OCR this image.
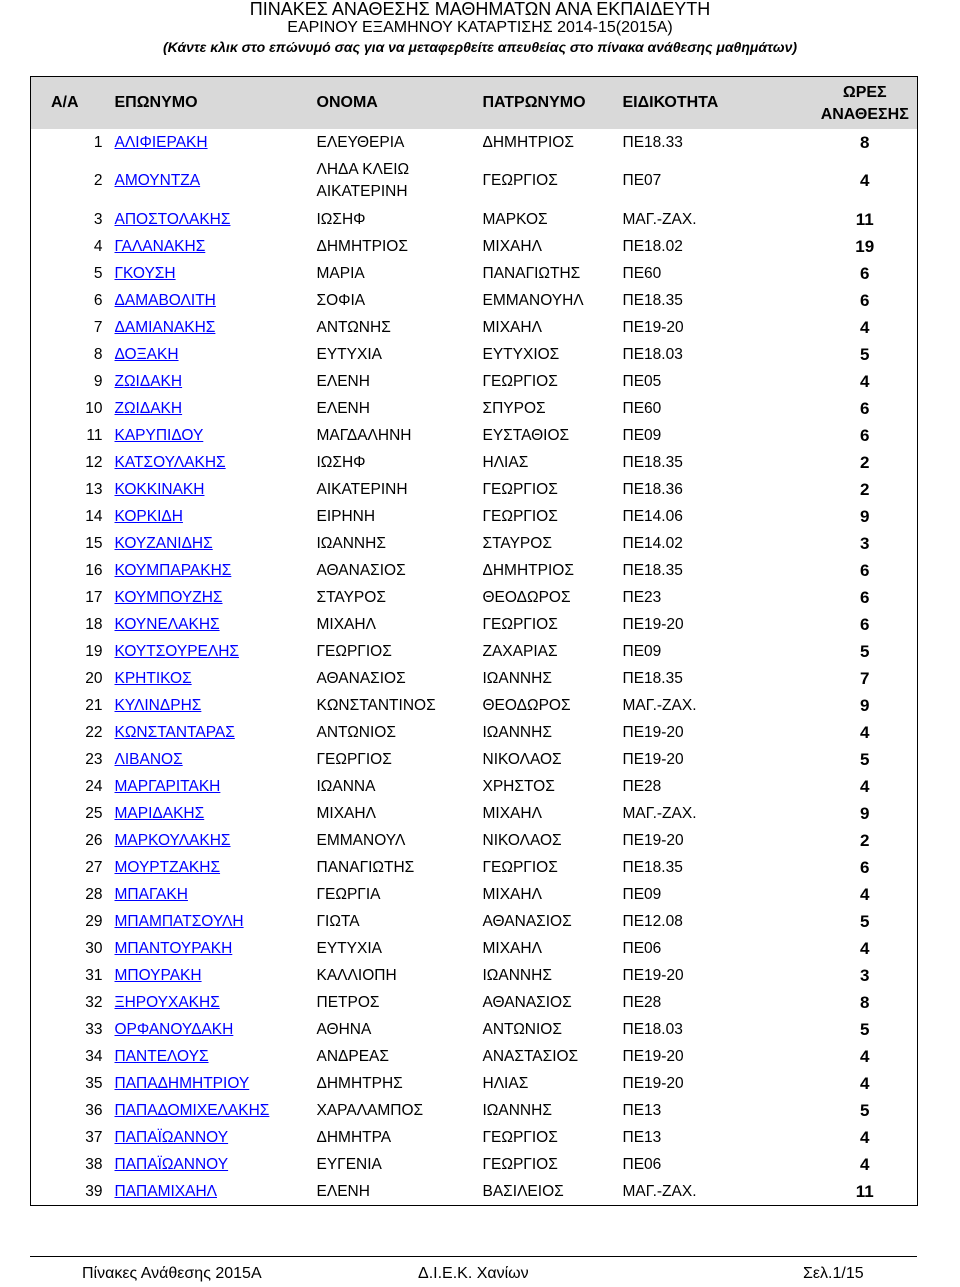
ΠΙΝΑΚΕΣ ΑΝΑΘΕΣΗΣ ΜΑΘΗΜΑΤΩΝ ΑΝΑ ΕΚΠΑΙΔΕΥΤΗ
ΕΑΡΙΝΟΥ ΕΞΑΜΗΝΟΥ ΚΑΤΑΡΤΙΣΗΣ 2014-15(2015Α)
(Κάντε κλικ στο επώνυμό σας για να μεταφερθείτε απευθείας στο πίνακα ανάθεσης μαθημάτων)
Α/Α	ΕΠΩΝΥΜΟ	ΟΝΟΜΑ	ΠΑΤΡΩΝΥΜΟ	ΕΙΔΙΚΟΤΗΤΑ	ΩΡΕΣ ΑΝΑΘΕΣΗΣ
1	ΑΛΙΦΙΕΡΑΚΗ	ΕΛΕΥΘΕΡΙΑ	ΔΗΜΗΤΡΙΟΣ	ΠΕ18.33	8
2	ΑΜΟΥΝΤΖΑ	ΛΗΔΑ ΚΛΕΙΩ ΑΙΚΑΤΕΡΙΝΗ	ΓΕΩΡΓΙΟΣ	ΠΕ07	4
3	ΑΠΟΣΤΟΛΑΚΗΣ	ΙΩΣΗΦ	ΜΑΡΚΟΣ	ΜΑΓ.-ΖΑΧ.	11
4	ΓΑΛΑΝΑΚΗΣ	ΔΗΜΗΤΡΙΟΣ	ΜΙΧΑΗΛ	ΠΕ18.02	19
5	ΓΚΟΥΣΗ	ΜΑΡΙΑ	ΠΑΝΑΓΙΩΤΗΣ	ΠΕ60	6
6	ΔΑΜΑΒΟΛΙΤΗ	ΣΟΦΙΑ	ΕΜΜΑΝΟΥΗΛ	ΠΕ18.35	6
7	ΔΑΜΙΑΝΑΚΗΣ	ΑΝΤΩΝΗΣ	ΜΙΧΑΗΛ	ΠΕ19-20	4
8	ΔΟΞΑΚΗ	ΕΥΤΥΧΙΑ	ΕΥΤΥΧΙΟΣ	ΠΕ18.03	5
9	ΖΩΙΔΑΚΗ	ΕΛΕΝΗ	ΓΕΩΡΓΙΟΣ	ΠΕ05	4
10	ΖΩΙΔΑΚΗ	ΕΛΕΝΗ	ΣΠΥΡΟΣ	ΠΕ60	6
11	ΚΑΡΥΠΙΔΟΥ	ΜΑΓΔΑΛΗΝΗ	ΕΥΣΤΑΘΙΟΣ	ΠΕ09	6
12	ΚΑΤΣΟΥΛΑΚΗΣ	ΙΩΣΗΦ	ΗΛΙΑΣ	ΠΕ18.35	2
13	ΚΟΚΚΙΝΑΚΗ	ΑΙΚΑΤΕΡΙΝΗ	ΓΕΩΡΓΙΟΣ	ΠΕ18.36	2
14	ΚΟΡΚΙΔΗ	ΕΙΡΗΝΗ	ΓΕΩΡΓΙΟΣ	ΠΕ14.06	9
15	ΚΟΥΖΑΝΙΔΗΣ	ΙΩΑΝΝΗΣ	ΣΤΑΥΡΟΣ	ΠΕ14.02	3
16	ΚΟΥΜΠΑΡΑΚΗΣ	ΑΘΑΝΑΣΙΟΣ	ΔΗΜΗΤΡΙΟΣ	ΠΕ18.35	6
17	ΚΟΥΜΠΟΥΖΗΣ	ΣΤΑΥΡΟΣ	ΘΕΟΔΩΡΟΣ	ΠΕ23	6
18	ΚΟΥΝΕΛΑΚΗΣ	ΜΙΧΑΗΛ	ΓΕΩΡΓΙΟΣ	ΠΕ19-20	6
19	ΚΟΥΤΣΟΥΡΕΛΗΣ	ΓΕΩΡΓΙΟΣ	ΖΑΧΑΡΙΑΣ	ΠΕ09	5
20	ΚΡΗΤΙΚΟΣ	ΑΘΑΝΑΣΙΟΣ	ΙΩΑΝΝΗΣ	ΠΕ18.35	7
21	ΚΥΛΙΝΔΡΗΣ	ΚΩΝΣΤΑΝΤΙΝΟΣ	ΘΕΟΔΩΡΟΣ	ΜΑΓ.-ΖΑΧ.	9
22	ΚΩΝΣΤΑΝΤΑΡΑΣ	ΑΝΤΩΝΙΟΣ	ΙΩΑΝΝΗΣ	ΠΕ19-20	4
23	ΛΙΒΑΝΟΣ	ΓΕΩΡΓΙΟΣ	ΝΙΚΟΛΑΟΣ	ΠΕ19-20	5
24	ΜΑΡΓΑΡΙΤΑΚΗ	ΙΩΑΝΝΑ	ΧΡΗΣΤΟΣ	ΠΕ28	4
25	ΜΑΡΙΔΑΚΗΣ	ΜΙΧΑΗΛ	ΜΙΧΑΗΛ	ΜΑΓ.-ΖΑΧ.	9
26	ΜΑΡΚΟΥΛΑΚΗΣ	ΕΜΜΑΝΟΥΛ	ΝΙΚΟΛΑΟΣ	ΠΕ19-20	2
27	ΜΟΥΡΤΖΑΚΗΣ	ΠΑΝΑΓΙΩΤΗΣ	ΓΕΩΡΓΙΟΣ	ΠΕ18.35	6
28	ΜΠΑΓΑΚΗ	ΓΕΩΡΓΙΑ	ΜΙΧΑΗΛ	ΠΕ09	4
29	ΜΠΑΜΠΑΤΣΟΥΛΗ	ΓΙΩΤΑ	ΑΘΑΝΑΣΙΟΣ	ΠΕ12.08	5
30	ΜΠΑΝΤΟΥΡΑΚΗ	ΕΥΤΥΧΙΑ	ΜΙΧΑΗΛ	ΠΕ06	4
31	ΜΠΟΥΡΑΚΗ	ΚΑΛΛΙΟΠΗ	ΙΩΑΝΝΗΣ	ΠΕ19-20	3
32	ΞΗΡΟΥΧΑΚΗΣ	ΠΕΤΡΟΣ	ΑΘΑΝΑΣΙΟΣ	ΠΕ28	8
33	ΟΡΦΑΝΟΥΔΑΚΗ	ΑΘΗΝΑ	ΑΝΤΩΝΙΟΣ	ΠΕ18.03	5
34	ΠΑΝΤΕΛΟΥΣ	ΑΝΔΡΕΑΣ	ΑΝΑΣΤΑΣΙΟΣ	ΠΕ19-20	4
35	ΠΑΠΑΔΗΜΗΤΡΙΟΥ	ΔΗΜΗΤΡΗΣ	ΗΛΙΑΣ	ΠΕ19-20	4
36	ΠΑΠΑΔΟΜΙΧΕΛΑΚΗΣ	ΧΑΡΑΛΑΜΠΟΣ	ΙΩΑΝΝΗΣ	ΠΕ13	5
37	ΠΑΠΑΪΩΑΝΝΟΥ	ΔΗΜΗΤΡΑ	ΓΕΩΡΓΙΟΣ	ΠΕ13	4
38	ΠΑΠΑΪΩΑΝΝΟΥ	ΕΥΓΕΝΙΑ	ΓΕΩΡΓΙΟΣ	ΠΕ06	4
39	ΠΑΠΑΜΙΧΑΗΛ	ΕΛΕΝΗ	ΒΑΣΙΛΕΙΟΣ	ΜΑΓ.-ΖΑΧ.	11
Πίνακες Ανάθεσης 2015Α	Δ.Ι.Ε.Κ. Χανίων	Σελ.1/15
